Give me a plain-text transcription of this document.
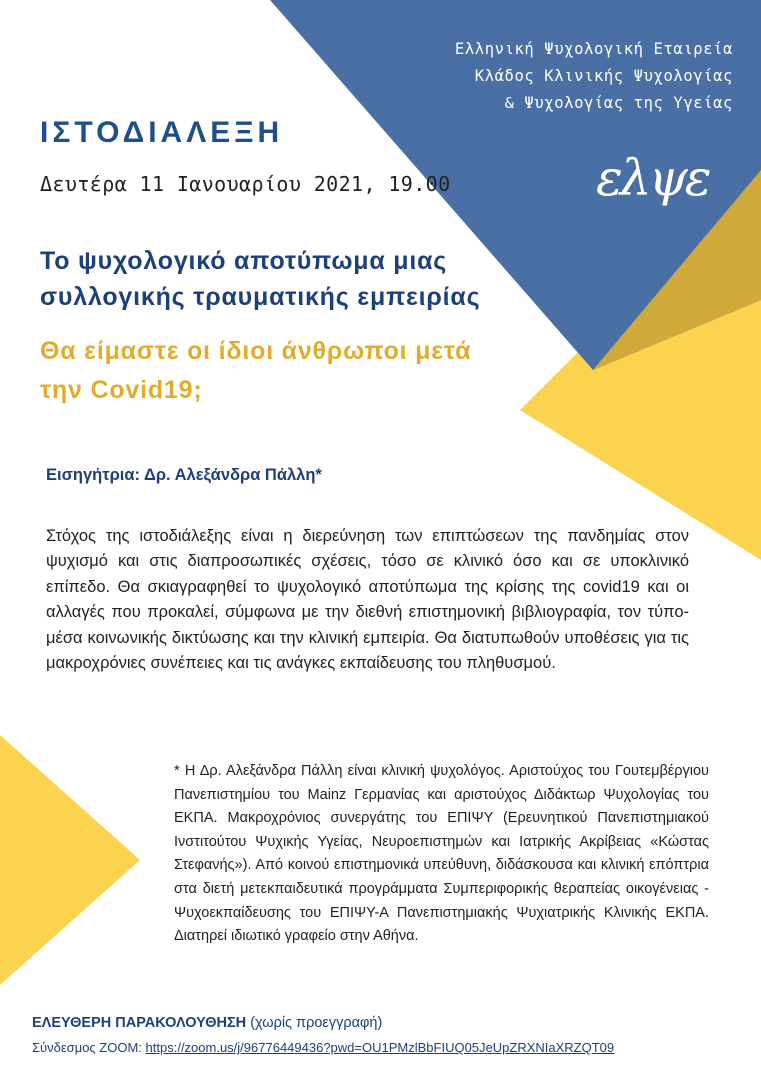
Ελληνική Ψυχολογική Εταιρεία
Κλάδος Κλινικής Ψυχολογίας
& Ψυχολογίας της Υγείας
ελψε
ΙΣΤΟΔΙΑΛΕΞΗ
Δευτέρα 11 Ιανουαρίου 2021, 19.00
Το ψυχολογικό αποτύπωμα μιας
συλλογικής τραυματικής εμπειρίας
Θα είμαστε οι ίδιοι άνθρωποι μετά
την Covid19;
Εισηγήτρια: Δρ. Αλεξάνδρα Πάλλη*
Στόχος της ιστοδιάλεξης είναι η διερεύνηση των επιπτώσεων της πανδημίας στον ψυχισμό και στις διαπροσωπικές σχέσεις, τόσο σε κλινικό όσο και σε υποκλινικό επίπεδο. Θα σκιαγραφηθεί το ψυχολογικό αποτύπωμα της κρίσης της covid19 και οι αλλαγές που προκαλεί, σύμφωνα με την διεθνή επιστημονική βιβλιογραφία, τον τύπο-μέσα κοινωνικής δικτύωσης και την κλινική εμπειρία. Θα διατυπωθούν υποθέσεις για τις μακροχρόνιες συνέπειες και τις ανάγκες εκπαίδευσης του πληθυσμού.
* Η Δρ. Αλεξάνδρα Πάλλη είναι κλινική ψυχολόγος. Αριστούχος του Γουτεμβέργιου Πανεπιστημίου του Mainz Γερμανίας και αριστούχος Διδάκτωρ Ψυχολογίας του ΕΚΠΑ. Μακροχρόνιος συνεργάτης του ΕΠΙΨΥ (Ερευνητικού Πανεπιστημιακού Ινστιτούτου Ψυχικής Υγείας, Νευροεπιστημών και Ιατρικής Ακρίβειας «Κώστας Στεφανής»). Από κοινού επιστημονικά υπεύθυνη, διδάσκουσα και κλινική επόπτρια στα διετή μετεκπαιδευτικά προγράμματα Συμπεριφορικής θεραπείας οικογένειας - Ψυχοεκπαίδευσης του ΕΠΙΨΥ-Α Πανεπιστημιακής Ψυχιατρικής Κλινικής ΕΚΠΑ. Διατηρεί ιδιωτικό γραφείο στην Αθήνα.
ΕΛΕΥΘΕΡΗ ΠΑΡΑΚΟΛΟΥΘΗΣΗ (χωρίς προεγγραφή)
Σύνδεσμος ZOOM: https://zoom.us/j/96776449436?pwd=OU1PMzlBbFIUQ05JeUpZRXNIaXRZQT09
